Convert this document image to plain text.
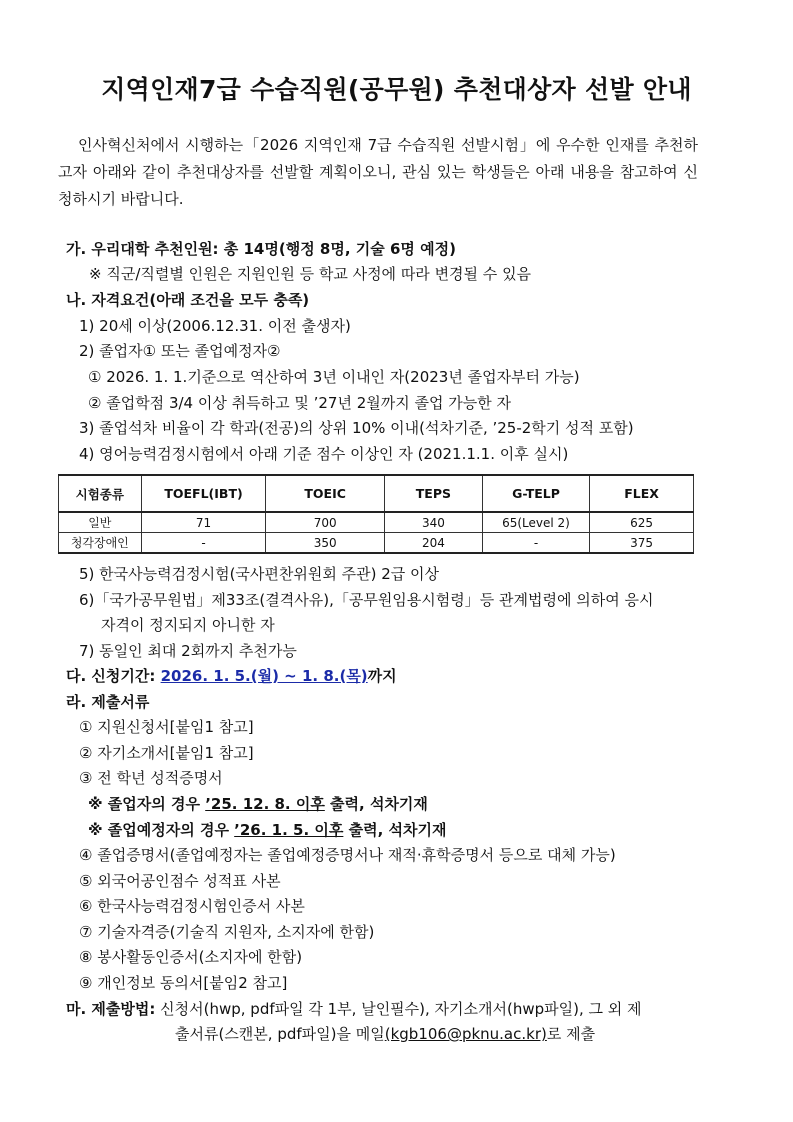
지역인재7급 수습직원(공무원) 추천대상자 선발 안내
인사혁신처에서 시행하는「2026 지역인재 7급 수습직원 선발시험」에 우수한 인재를 추천하고자 아래와 같이 추천대상자를 선발할 계획이오니, 관심 있는 학생들은 아래 내용을 참고하여 신청하시기 바랍니다.
가. 우리대학 추천인원: 총 14명(행정 8명, 기술 6명 예정)
※ 직군/직렬별 인원은 지원인원 등 학교 사정에 따라 변경될 수 있음
나. 자격요건(아래 조건을 모두 충족)
1) 20세 이상(2006.12.31. 이전 출생자)
2) 졸업자① 또는 졸업예정자②
① 2026. 1. 1.기준으로 역산하여 3년 이내인 자(2023년 졸업자부터 가능)
② 졸업학점 3/4 이상 취득하고 및 ’27년 2월까지 졸업 가능한 자
3) 졸업석차 비율이 각 학과(전공)의 상위 10% 이내(석차기준, ’25-2학기 성적 포함)
4) 영어능력검정시험에서 아래 기준 점수 이상인 자 (2021.1.1. 이후 실시)
시험종류	TOEFL(IBT)	TOEIC	TEPS	G-TELP	FLEX
일반	71	700	340	65(Level 2)	625
청각장애인	-	350	204	-	375
5) 한국사능력검정시험(국사편찬위원회 주관) 2급 이상
6)「국가공무원법」제33조(결격사유),「공무원임용시험령」등 관계법령에 의하여 응시
자격이 정지되지 아니한 자
7) 동일인 최대 2회까지 추천가능
다. 신청기간: 2026. 1. 5.(월) ~ 1. 8.(목)까지
라. 제출서류
① 지원신청서[붙임1 참고]
② 자기소개서[붙임1 참고]
③ 전 학년 성적증명서
※ 졸업자의 경우 ’25. 12. 8. 이후 출력, 석차기재
※ 졸업예정자의 경우 ’26. 1. 5. 이후 출력, 석차기재
④ 졸업증명서(졸업예정자는 졸업예정증명서나 재적·휴학증명서 등으로 대체 가능)
⑤ 외국어공인점수 성적표 사본
⑥ 한국사능력검정시험인증서 사본
⑦ 기술자격증(기술직 지원자, 소지자에 한함)
⑧ 봉사활동인증서(소지자에 한함)
⑨ 개인정보 동의서[붙임2 참고]
마. 제출방법: 신청서(hwp, pdf파일 각 1부, 날인필수), 자기소개서(hwp파일), 그 외 제
출서류(스캔본, pdf파일)을 메일(kgb106@pknu.ac.kr)로 제출
